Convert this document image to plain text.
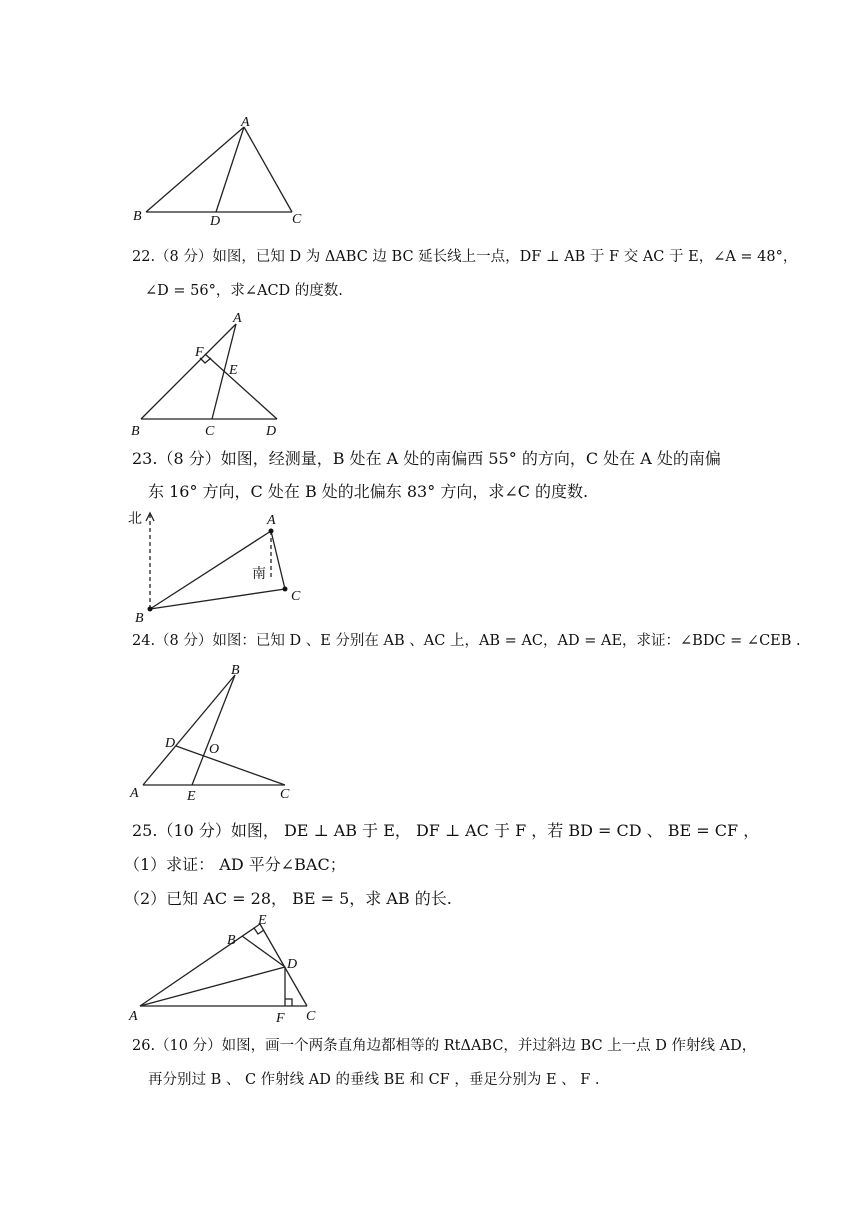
A
B	D	C
22.（8 分）如图，已知 D 为 ΔABC 边 BC 延长线上一点，DF ⊥ AB 于 F 交 AC 于 E，∠A = 48°，
∠D = 56°，求∠ACD 的度数.
A
F
E
B	C	D
23.（8 分）如图，经测量，B 处在 A 处的南偏西 55° 的方向，C 处在 A 处的南偏
东 16° 方向，C 处在 B 处的北偏东 83° 方向，求∠C 的度数.
北
南
A
B
C
24.（8 分）如图：已知 D 、E 分别在 AB 、AC 上，AB = AC，AD = AE，求证：∠BDC = ∠CEB .
B
D O
A	E	C
25.（10 分）如图， DE ⊥ AB 于 E， DF ⊥ AC 于 F ，若 BD = CD 、 BE = CF ，
（1）求证： AD 平分∠BAC；
（2）已知 AC = 28， BE = 5，求 AB 的长.
E
B
D
A	F C
26.（10 分）如图，画一个两条直角边都相等的 RtΔABC，并过斜边 BC 上一点 D 作射线 AD，
再分别过 B 、 C 作射线 AD 的垂线 BE 和 CF ，垂足分别为 E 、 F .
